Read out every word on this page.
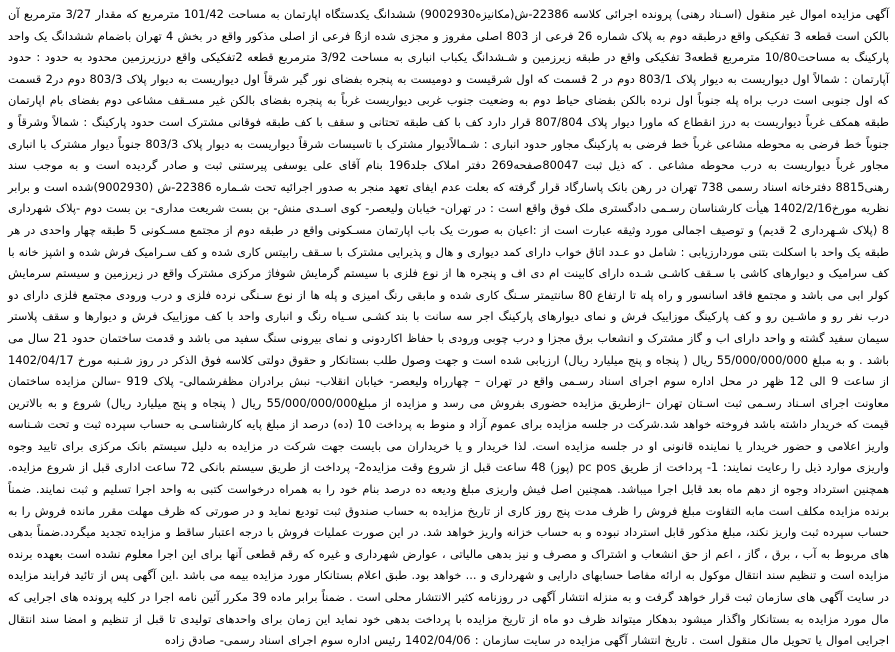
آگهی مزایده اموال غیر منقول (اسـناد رهنی) پرونده اجرائی کلاسه 22386-ش(مکانیزه9002930) ششدانگ یکدستگاه اپارتمان به مساحت 101/42 مترمربع که مقدار 3/27 مترمربع آن بالکن است قطعه 3 تفکیکی واقع درطبقه دوم به پلاک شماره 26 فرعی از 803 اصلی مفروز و مجزی شده ازß فرعی از اصلی مذکور واقع در بخش 4 تهران باضمام ششدانگ یک واحد پارکینگ به مساحت10/80 مترمربع قطعه3 تفکیکی واقع در طبقه زیرزمین و شـشدانگ یکباب انباری به مساحت 3/92 مترمربع قطعه 2تفکیکی واقع درزیرزمین محدود به حدود : حدود آپارتمان : شمالاً اول دیواریست به دیوار پلاک 803/1 دوم در 2 قسمت که اول شرقیست و دومیست به پنجره بفضای نور گیر شرقاً اول دیواریست به دیوار پلاک 803/3 دوم در2 قسمت که اول جنوبی است درب براه پله جنوباً اول نرده بالکن بفضای حیاط دوم به وضعیت جنوب غربی دیواریست غرباً به پنجره بفضای بالکن غیر مسـقف مشاعی دوم بفضای بام اپارتمان طبقه همکف غرباً دیواریست به درز انقطاع که ماورا دیوار پلاک 807/804 قرار دارد کف با کف طبقه تحتانی و سقف با کف طبقه فوقانی مشترک است حدود پارکینگ : شمالاً وشرقاً و جنوباً خط فرضی به محوطه مشاعی غرباً خط فرضی به پارکینگ مجاور حدود انباری : شـمالاًدیوار مشترک با تاسیسات شرقاً دیواریست به دیوار پلاک 803/3 جنوباً دیوار مشترک با انباری مجاور غرباً دیواریست به درب محوطه مشاعی . که ذیل ثبت 80047صفحه269 دفتر املاک جلد196 بنام آقای علی یوسفی پیرستنی ثبت و صادر گردیده است و به موجب سند رهنی8815 دفترخانه اسناد رسمی 738 تهران در رهن بانک پاسارگاد قرار گرفته که بعلت عدم ایفای تعهد منجر به صدور اجرائیه تحت شـماره 22386-ش (9002930)شده است و برابر نظریه مورخ1402/2/16 هیأت کارشناسان رسـمی دادگستری ملک فوق واقع است : در تهران- خیابان ولیعصر- کوی اسـدی منش- بن بست شریعت مداری- بن بست دوم -پلاک شهرداری 8 (پلاک شـهرداری 2 قدیم) و توصیف اجمالی مورد وثیقه عبارت است از :اعیان به صورت یک باب اپارتمان مسـکونی واقع در طبقه دوم از مجتمع مسـکونی 5 طبقه چهار واحدی در هر طبقه یک واحد با اسکلت بتنی موردارزیابی : شامل دو عـدد اتاق خواب دارای کمد دیواری و هال و پذیرایی مشترک با سـقف رابیتس کاری شده و کف سـرامیک فرش شده و اشپز خانه با کف سرامیک و دیوارهای کاشی با سـقف کاشـی شـده دارای کابینت ام دی اف و پنجره ها از نوع فلزی با سیستم گرمایش شوفاژ مرکزی مشترک واقع در زیرزمین و سیستم سرمایش کولر ابی می باشد و مجتمع فاقد اسانسور و راه پله تا ارتفاع 80 سانتیمتر سـنگ کاری شده و مابقی رنگ امیزی و پله ها از نوع سـنگی نرده فلزی و درب ورودی مجتمع فلزی دارای دو درب نفر رو و ماشـین رو و کف پارکینگ موزاییک فرش و نمای دیوارهای پارکینگ اجر سه سانت با بند کشـی سـیاه رنگ و انباری واحد با کف موزاییک فرش و دیوارها و سقف پلاستر سیمان سفید گشته و واحد دارای اب و گاز مشترک و انشعاب برق مجزا و درب چوبی ورودی با حفاظ اکاردونی و نمای بیرونی سنگ سفید می باشد و قدمت ساختمان حدود 21 سال می باشد . و به مبلغ 55/000/000/000 ریال ( پنجاه و پنج میلیارد ریال) ارزیابی شده است و جهت وصول طلب بستانکار و حقوق دولتی کلاسه فوق الذکر در روز شـنبه مورخ 1402/04/17 از ساعت 9 الی 12 ظهر در محل اداره سوم اجرای اسناد رسـمی واقع در تهران – چهارراه ولیعصر- خیابان انقلاب- نبش برادران مظفرشمالی- پلاک 919 -سالن مزایده ساختمان معاونت اجرای اسـناد رسـمی ثبت اسـتان تهران –ازطریق مزایده حضوری بفروش می رسد و مزایده از مبلغ55/000/000/000 ریال ( پنجاه و پنج میلیارد ریال) شروع و به بالاترین قیمت که خریدار داشته باشد فروخته خواهد شد.شرکت در جلسه مزایده برای عموم آزاد و منوط به پرداخت 10 (ده) درصد از مبلغ پایه کارشناسـی به حساب سپرده ثبت و تحت شـناسه واریز اعلامی و حضور خریدار یا نماینده قانونی او در جلسه مزایده است. لذا خریدار و یا خریداران می بایست جهت شرکت در مزایده به دلیل سیستم بانک مرکزی برای تایید وجوه واریزی موارد ذیل را رعایت نمایند: 1- پرداخت از طریق pc pos (پوز) 48 ساعت قبل از شروع وقت مزایده2- پرداخت از طریق سیستم بانکی 72 ساعت اداری قبل از شروع مزایده. همچنین استرداد وجوه از دهم ماه بعد قابل اجرا میباشد. همچنین اصل فیش واریزی مبلغ ودیعه ده درصد بنام خود را به همراه درخواست کتبی به واحد اجرا تسلیم و ثبت نمایند. ضمناً برنده مزایده مکلف است مابه التفاوت مبلغ فروش را ظرف مدت پنج روز کاری از تاریخ مزایده به حساب صندوق ثبت تودیع نماید و در صورتی که ظرف مهلت مقرر مانده فروش را به حساب سپرده ثبت واریز نکند، مبلغ مذکور قابل استرداد نبوده و به حساب خزانه واریز خواهد شد. در این صورت عملیات فروش با درجه اعتبار ساقط و مزایده تجدید میگردد.ضمناً بدهی های مربوط به آب ، برق ، گاز ، اعم از حق انشعاب و اشتراک و مصرف و نیز بدهی مالیاتی ، عوارض شهرداری و غیره که رقم قطعی آنها برای این اجرا معلوم نشده است بعهده برنده مزایده است و تنظیم سند انتقال موکول به ارائه مفاصا حسابهای دارایی و شهرداری و ... خواهد بود. طبق اعلام بستانکار مورد مزایده بیمه می باشد .این آگهی پس از تائید فرایند مزایده در سایت آگهی های سازمان ثبت قرار خواهد گرفت و به منزله انتشار آگهی در روزنامه کثیر الانتشار محلی است . ضمناً برابر ماده 39 مکرر آئین نامه اجرا در کلیه پرونده های اجرایی که مال مورد مزایده به بستانکار واگذار میشود بدهکار میتواند ظرف دو ماه از تاریخ مزایده با پرداخت بدهی خود نماید این زمان برای واحدهای تولیدی تا قبل از تنظیم و امضا سند انتقال اجرایی اموال یا تحویل مال منقول است . تاریخ انتشار آگهی مزایده در سایت سازمان : 1402/04/06 رئیس اداره سوم اجرای اسناد رسمی- صادق زاده
